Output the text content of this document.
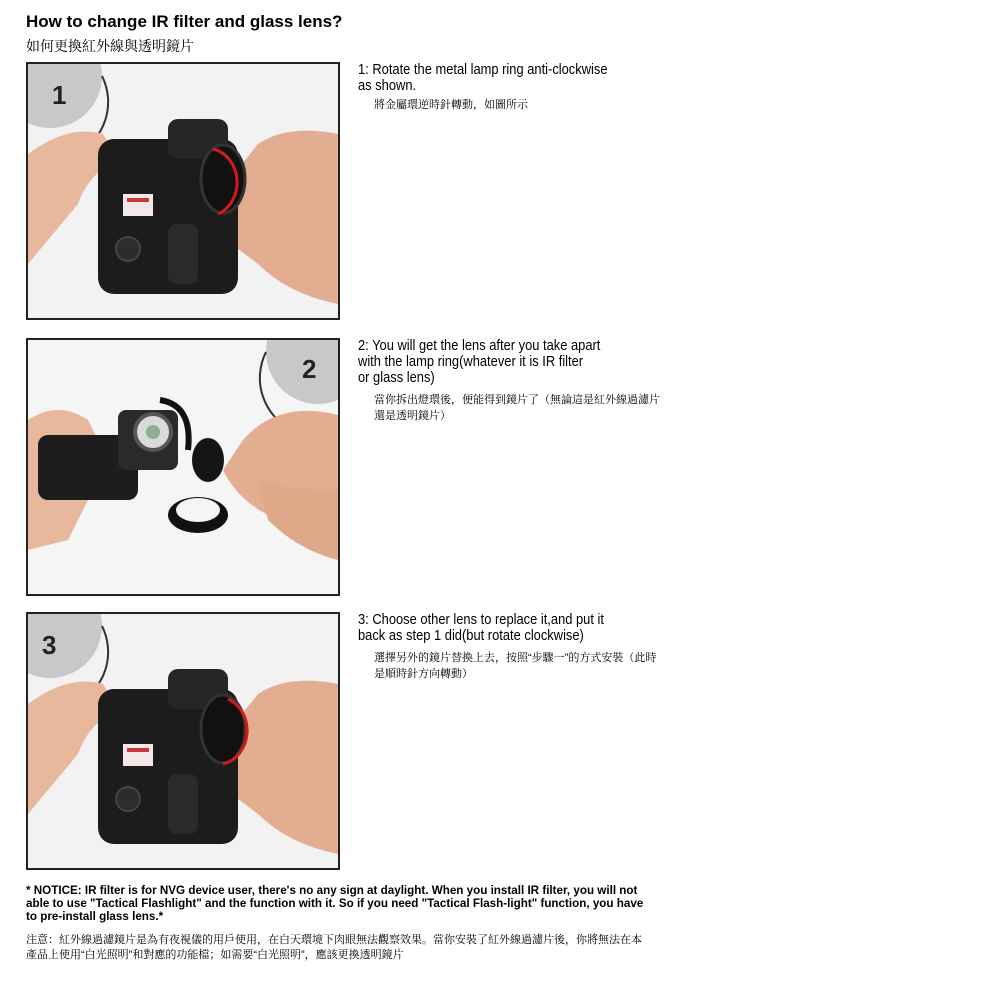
How to change IR filter and glass lens?
如何更換紅外線與透明鏡片
1
1: Rotate the metal lamp ring anti-clockwise
as shown.
將金屬環逆時針轉動，如圖所示
2
2: You will get the lens after you take apart
with the lamp ring(whatever it is IR filter
or glass lens)
當你拆出燈環後，便能得到鏡片了（無論這是紅外線過濾片還是透明鏡片）
3
3: Choose other lens to replace it,and put it
back as step 1 did(but rotate clockwise)
選擇另外的鏡片替換上去，按照“步驟一”的方式安裝（此時是順時針方向轉動）
* NOTICE: IR filter is for NVG device user, there's no any sign at daylight. When you install IR filter, you will not able to use "Tactical Flashlight" and the function with it. So if you need "Tactical Flash-light" function, you have to pre-install glass lens.*
注意：紅外線過濾鏡片是為有夜視儀的用戶使用，在白天環境下肉眼無法觀察效果。當你安裝了紅外線過濾片後，你將無法在本產品上使用“白光照明”和對應的功能檔；如需要“白光照明”，應該更換透明鏡片
